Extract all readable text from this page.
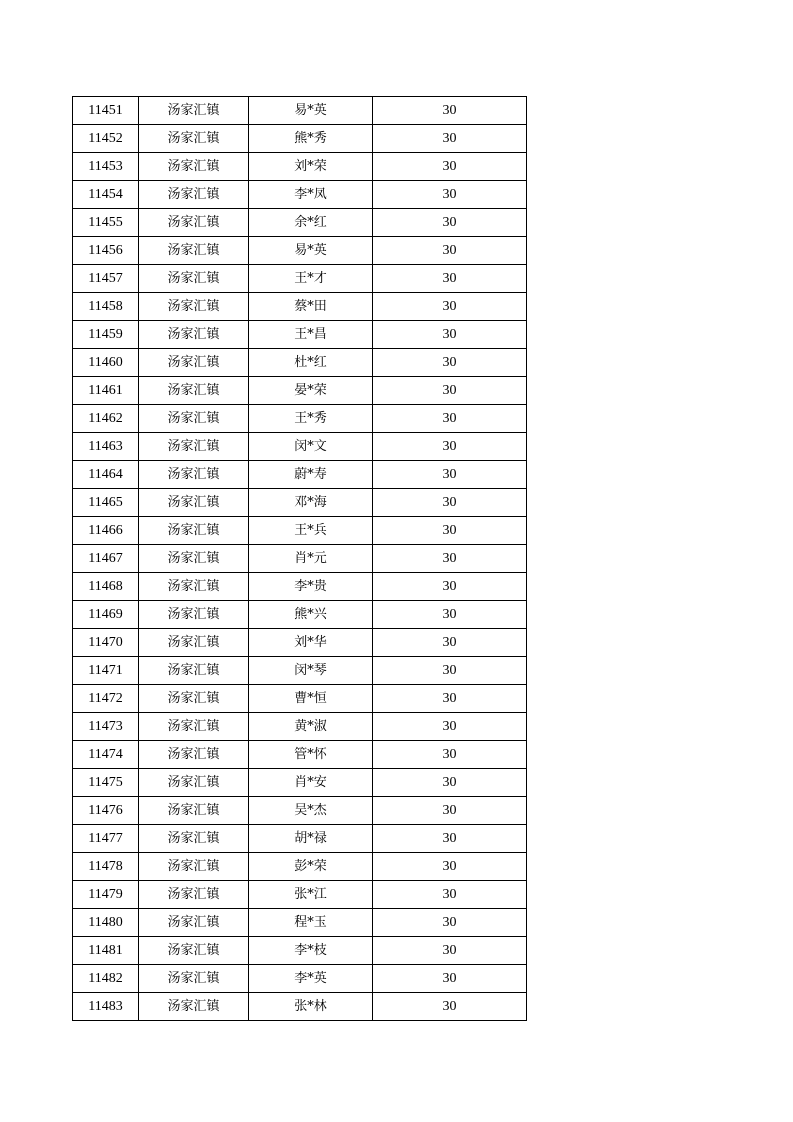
11451	汤家汇镇	易*英	30
11452	汤家汇镇	熊*秀	30
11453	汤家汇镇	刘*荣	30
11454	汤家汇镇	李*凤	30
11455	汤家汇镇	余*红	30
11456	汤家汇镇	易*英	30
11457	汤家汇镇	王*才	30
11458	汤家汇镇	蔡*田	30
11459	汤家汇镇	王*昌	30
11460	汤家汇镇	杜*红	30
11461	汤家汇镇	晏*荣	30
11462	汤家汇镇	王*秀	30
11463	汤家汇镇	闵*文	30
11464	汤家汇镇	蔚*寿	30
11465	汤家汇镇	邓*海	30
11466	汤家汇镇	王*兵	30
11467	汤家汇镇	肖*元	30
11468	汤家汇镇	李*贵	30
11469	汤家汇镇	熊*兴	30
11470	汤家汇镇	刘*华	30
11471	汤家汇镇	闵*琴	30
11472	汤家汇镇	曹*恒	30
11473	汤家汇镇	黄*淑	30
11474	汤家汇镇	管*怀	30
11475	汤家汇镇	肖*安	30
11476	汤家汇镇	吴*杰	30
11477	汤家汇镇	胡*禄	30
11478	汤家汇镇	彭*荣	30
11479	汤家汇镇	张*江	30
11480	汤家汇镇	程*玉	30
11481	汤家汇镇	李*枝	30
11482	汤家汇镇	李*英	30
11483	汤家汇镇	张*林	30
